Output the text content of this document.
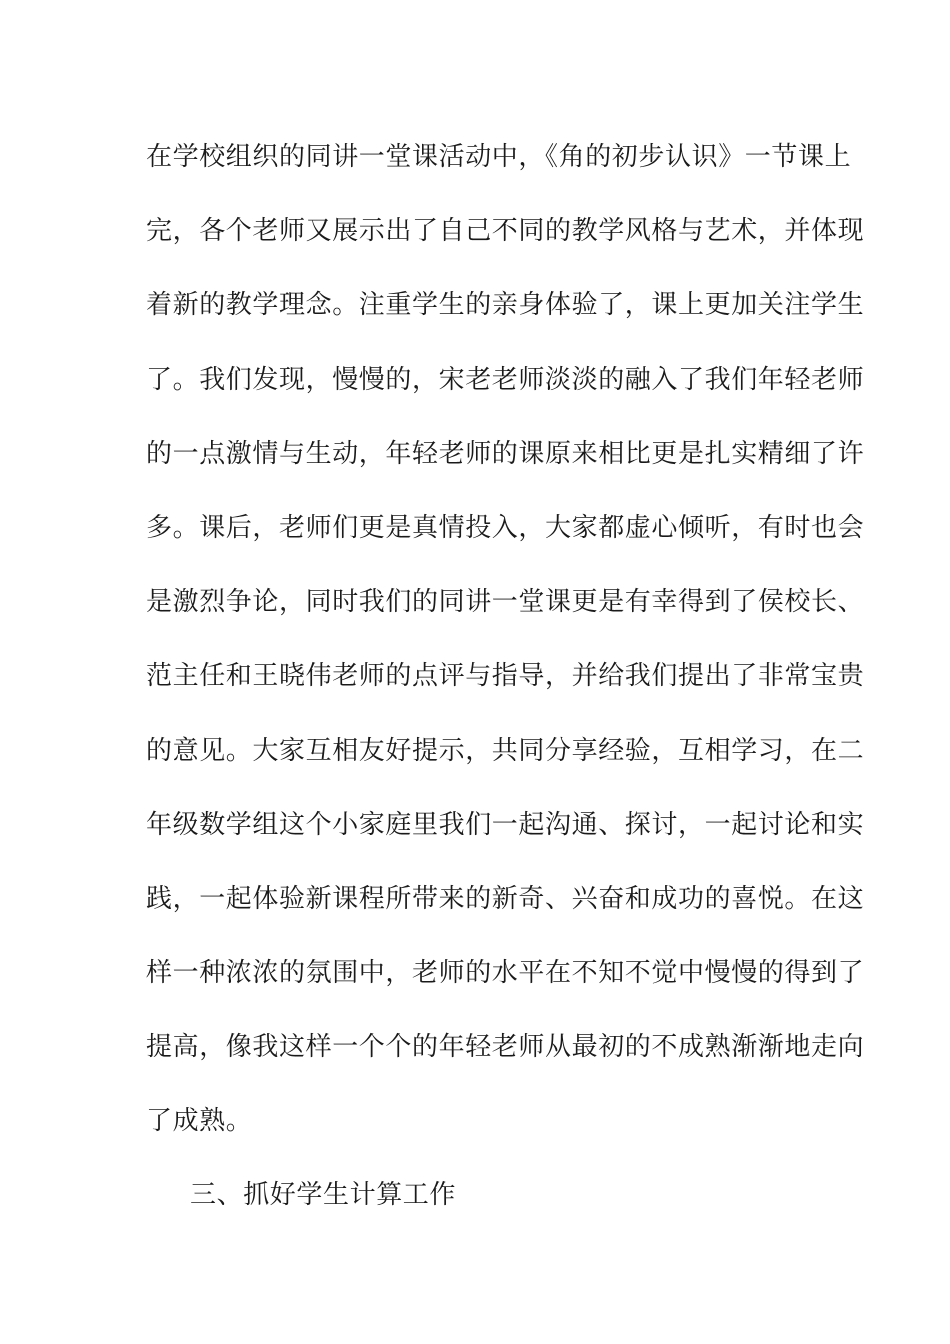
在学校组织的同讲一堂课活动中，《角的初步认识》一节课上
完，各个老师又展示出了自己不同的教学风格与艺术，并体现
着新的教学理念。注重学生的亲身体验了，课上更加关注学生
了。我们发现，慢慢的，宋老老师淡淡的融入了我们年轻老师
的一点激情与生动，年轻老师的课原来相比更是扎实精细了许
多。课后，老师们更是真情投入，大家都虚心倾听，有时也会
是激烈争论，同时我们的同讲一堂课更是有幸得到了侯校长、
范主任和王晓伟老师的点评与指导，并给我们提出了非常宝贵
的意见。大家互相友好提示，共同分享经验，互相学习，在二
年级数学组这个小家庭里我们一起沟通、探讨，一起讨论和实
践，一起体验新课程所带来的新奇、兴奋和成功的喜悦。在这
样一种浓浓的氛围中，老师的水平在不知不觉中慢慢的得到了
提高，像我这样一个个的年轻老师从最初的不成熟渐渐地走向
了成熟。
三、抓好学生计算工作
